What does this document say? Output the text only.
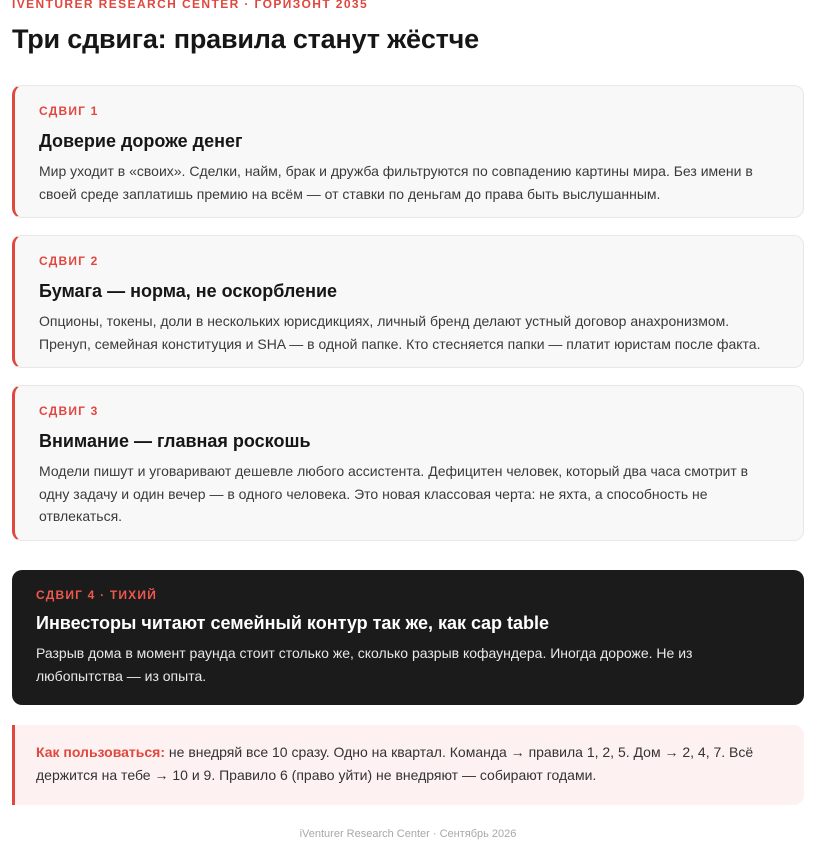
IVENTURER RESEARCH CENTER · ГОРИЗОНТ 2035
Три сдвига: правила станут жёстче
СДВИГ 1
Доверие дороже денег

Мир уходит в «своих». Сделки, найм, брак и дружба фильтруются по совпадению картины мира. Без имени в своей среде заплатишь премию на всём — от ставки по деньгам до права быть выслушанным.

СДВИГ 2
Бумага — норма, не оскорбление

Опционы, токены, доли в нескольких юрисдикциях, личный бренд делают устный договор анахронизмом. Пренуп, семейная конституция и SHA — в одной папке. Кто стесняется папки — платит юристам после факта.

СДВИГ 3
Внимание — главная роскошь

Модели пишут и уговаривают дешевле любого ассистента. Дефицитен человек, который два часа смотрит в одну задачу и один вечер — в одного человека. Это новая классовая черта: не яхта, а способность не отвлекаться.

СДВИГ 4 · ТИХИЙ
Инвесторы читают семейный контур так же, как cap table

Разрыв дома в момент раунда стоит столько же, сколько разрыв кофаундера. Иногда дороже. Не из любопытства — из опыта.

Как пользоваться: не внедряй все 10 сразу. Одно на квартал. Команда → правила 1, 2, 5. Дом → 2, 4, 7. Всё держится на тебе → 10 и 9. Правило 6 (право уйти) не внедряют — собирают годами.
iVenturer Research Center · Сентябрь 2026
